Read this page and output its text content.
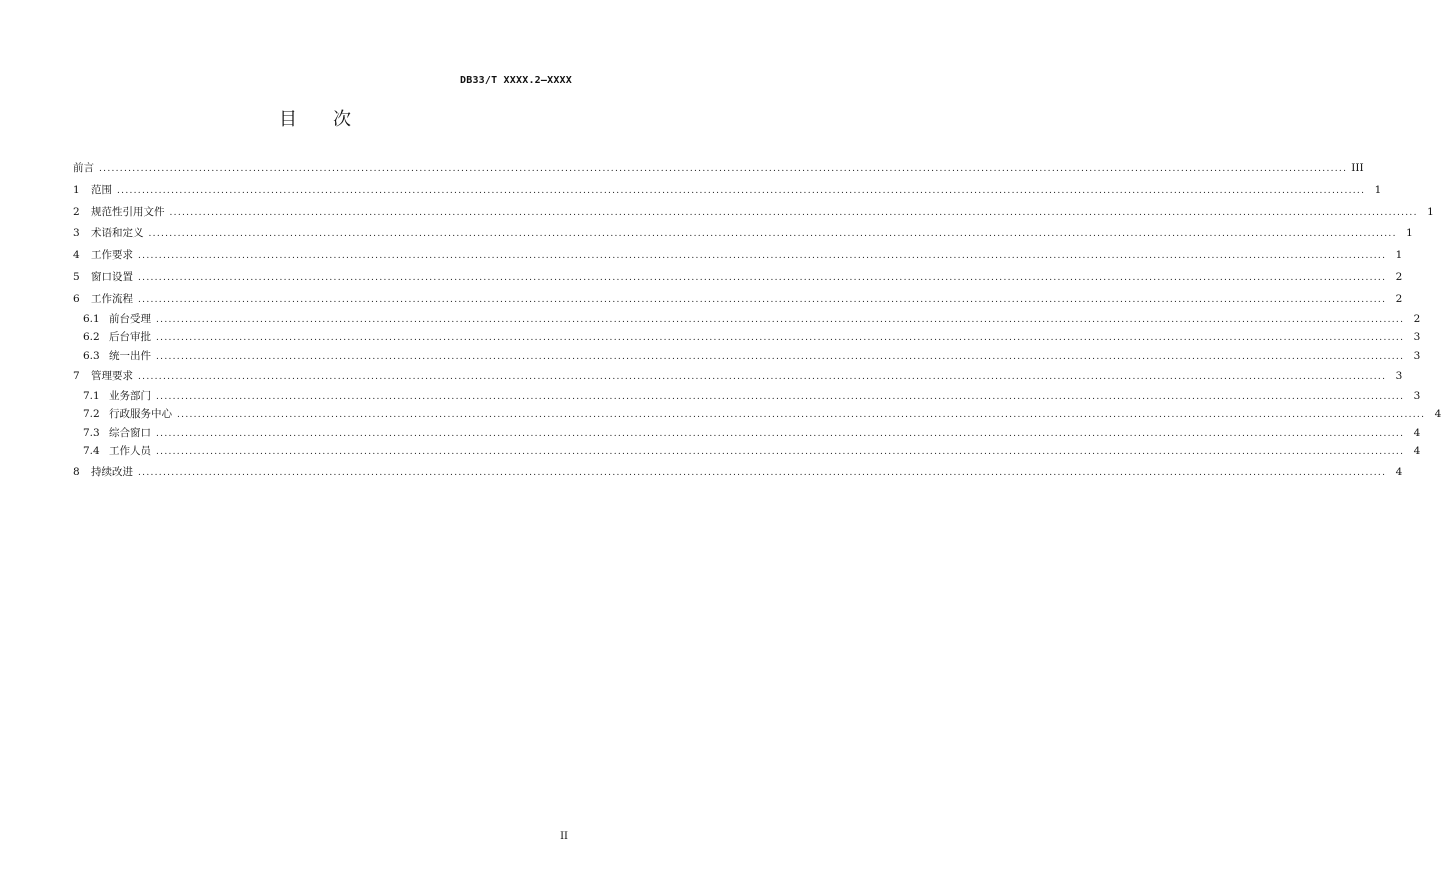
DB33/T XXXX.2—XXXX
目 次
前言 ............................................................................................................................................................................................................................................................................................................ III
1	范围 ............................................................................................................................................................................................................................................................................................................ 1
2	规范性引用文件 ............................................................................................................................................................................................................................................................................................................ 1
3	术语和定义 ............................................................................................................................................................................................................................................................................................................ 1
4	工作要求 ............................................................................................................................................................................................................................................................................................................ 1
5	窗口设置 ............................................................................................................................................................................................................................................................................................................ 2
6	工作流程 ............................................................................................................................................................................................................................................................................................................ 2
6.1 前台受理 ............................................................................................................................................................................................................................................................................................................ 2
6.2 后台审批 ............................................................................................................................................................................................................................................................................................................ 3
6.3 统一出件 ............................................................................................................................................................................................................................................................................................................ 3
7	管理要求 ............................................................................................................................................................................................................................................................................................................ 3
7.1 业务部门 ............................................................................................................................................................................................................................................................................................................ 3
7.2 行政服务中心 ............................................................................................................................................................................................................................................................................................................ 4
7.3 综合窗口 ............................................................................................................................................................................................................................................................................................................ 4
7.4 工作人员 ............................................................................................................................................................................................................................................................................................................ 4
8	持续改进 ............................................................................................................................................................................................................................................................................................................ 4
II
